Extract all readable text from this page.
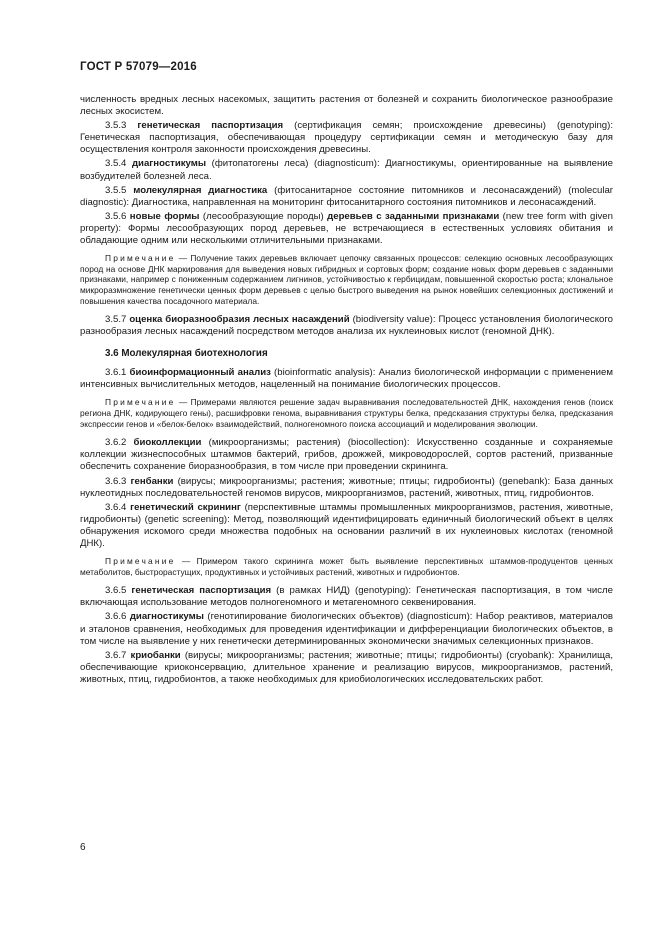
ГОСТ Р 57079—2016

численность вредных лесных насекомых, защитить растения от болезней и сохранить биологическое разнообразие лесных экосистем.

3.5.3 генетическая паспортизация (сертификация семян; происхождение древесины) (genotyping): Генетическая паспортизация, обеспечивающая процедуру сертификации семян и методическую базу для осуществления контроля законности происхождения древесины.

3.5.4 диагностикумы (фитопатогены леса) (diagnosticum): Диагностикумы, ориентированные на выявление возбудителей болезней леса.

3.5.5 молекулярная диагностика (фитосанитарное состояние питомников и лесонасаждений) (molecular diagnostic): Диагностика, направленная на мониторинг фитосанитарного состояния питомников и лесонасаждений.

3.5.6 новые формы (лесообразующие породы) деревьев с заданными признаками (new tree form with given property): Формы лесообразующих пород деревьев, не встречающиеся в естественных условиях обитания и обладающие одним или несколькими отличительными признаками.

Примечание — Получение таких деревьев включает цепочку связанных процессов: селекцию основных лесообразующих пород на основе ДНК маркирования для выведения новых гибридных и сортовых форм; создание новых форм деревьев с заданными признаками, например с пониженным содержанием лигнинов, устойчивостью к гербицидам, повышенной скоростью роста; клональное микроразмножение генетически ценных форм деревьев с целью быстрого выведения на рынок новейших селекционных достижений и повышения качества посадочного материала.

3.5.7 оценка биоразнообразия лесных насаждений (biodiversity value): Процесс установления биологического разнообразия лесных насаждений посредством методов анализа их нуклеиновых кислот (геномной ДНК).

3.6 Молекулярная биотехнология

3.6.1 биоинформационный анализ (bioinformatic analysis): Анализ биологической информации с применением интенсивных вычислительных методов, нацеленный на понимание биологических процессов.

Примечание — Примерами являются решение задач выравнивания последовательностей ДНК, нахождения генов (поиск региона ДНК, кодирующего гены), расшифровки генома, выравнивания структуры белка, предсказания структуры белка, предсказания экспрессии генов и «белок-белок» взаимодействий, полногеномного поиска ассоциаций и моделирования эволюции.

3.6.2 биоколлекции (микроорганизмы; растения) (biocollection): Искусственно созданные и сохраняемые коллекции жизнеспособных штаммов бактерий, грибов, дрожжей, микроводорослей, сортов растений, призванные обеспечить сохранение биоразнообразия, в том числе при проведении скрининга.

3.6.3 генбанки (вирусы; микроорганизмы; растения; животные; птицы; гидробионты) (genebank): База данных нуклеотидных последовательностей геномов вирусов, микроорганизмов, растений, животных, птиц, гидробионтов.

3.6.4 генетический скрининг (перспективные штаммы промышленных микроорганизмов, растения, животные, гидробионты) (genetic screening): Метод, позволяющий идентифицировать единичный биологический объект в целях обнаружения искомого среди множества подобных на основании различий в их нуклеиновых кислотах (геномной ДНК).

Примечание — Примером такого скрининга может быть выявление перспективных штаммов-продуцентов ценных метаболитов, быстрорастущих, продуктивных и устойчивых растений, животных и гидробионтов.

3.6.5 генетическая паспортизация (в рамках НИД) (genotyping): Генетическая паспортизация, в том числе включающая использование методов полногеномного и метагеномного секвенирования.

3.6.6 диагностикумы (генотипирование биологических объектов) (diagnosticum): Набор реактивов, материалов и эталонов сравнения, необходимых для проведения идентификации и дифференциации биологических объектов, в том числе на выявление у них генетически детерминированных экономически значимых селекционных признаков.

3.6.7 криобанки (вирусы; микроорганизмы; растения; животные; птицы; гидробионты) (cryobank): Хранилища, обеспечивающие криоконсервацию, длительное хранение и реализацию вирусов, микроорганизмов, растений, животных, птиц, гидробионтов, а также необходимых для криобиологических исследовательских работ.

6
